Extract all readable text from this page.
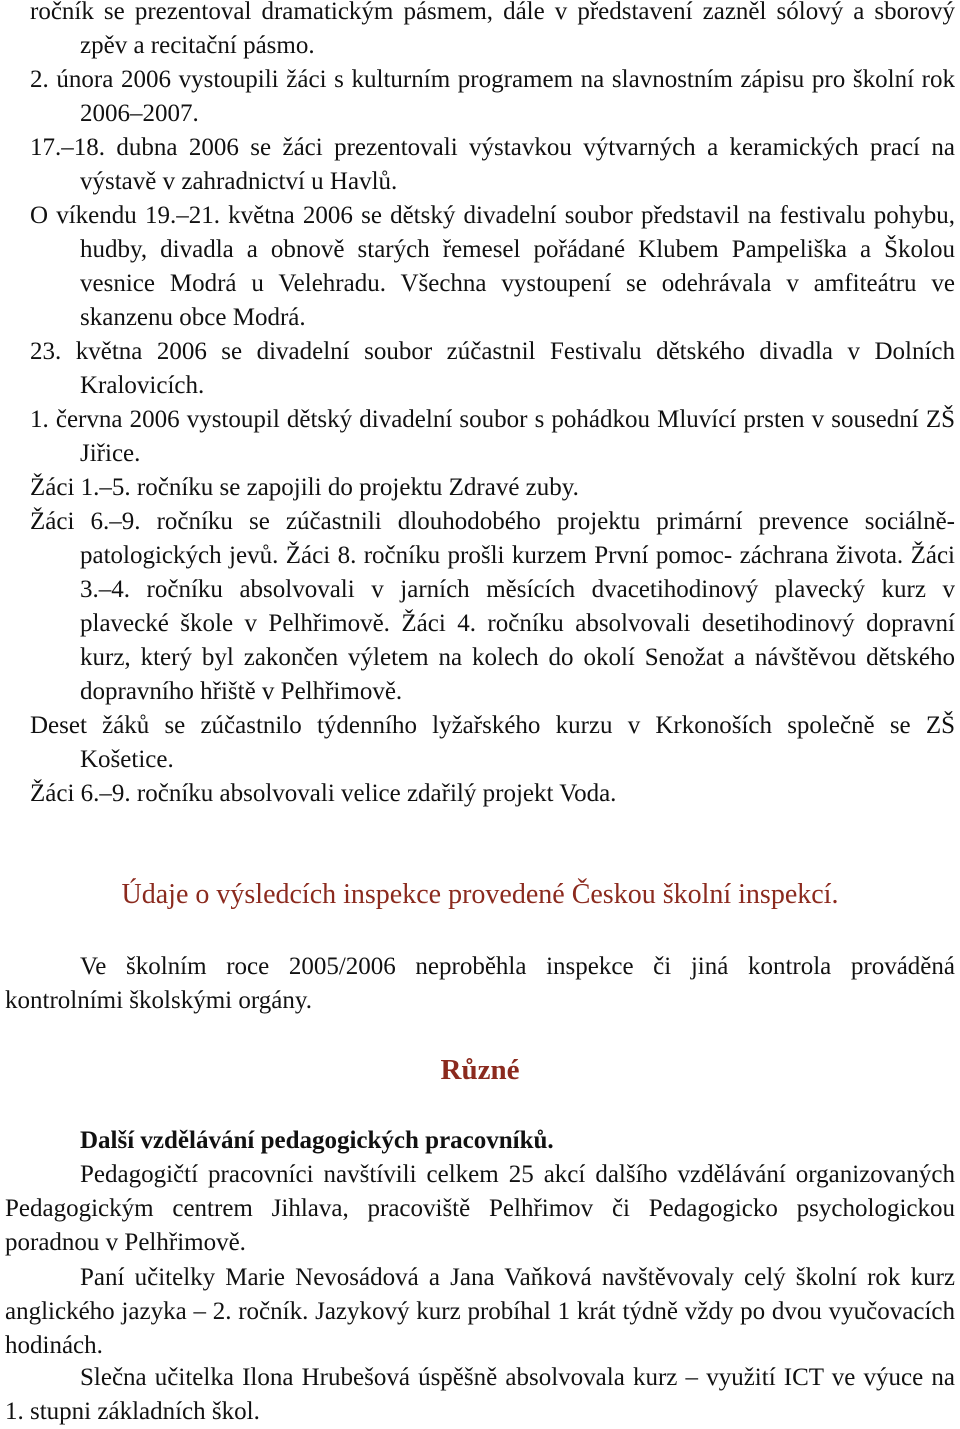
ročník se prezentoval dramatickým pásmem, dále v představení zazněl sólový a sborový zpěv a recitační pásmo.

2. února 2006 vystoupili žáci s kulturním programem na slavnostním zápisu pro školní rok 2006–2007.

17.–18. dubna 2006 se žáci prezentovali výstavkou výtvarných a keramických prací na výstavě v zahradnictví u Havlů.

O víkendu 19.–21. května 2006 se dětský divadelní soubor představil na festivalu pohybu, hudby, divadla a obnově starých řemesel pořádané Klubem Pampeliška a Školou vesnice Modrá u Velehradu. Všechna vystoupení se odehrávala v amfiteátru ve skanzenu obce Modrá.

23. května 2006 se divadelní soubor zúčastnil Festivalu dětského divadla v Dolních Kralovicích.

1. června 2006 vystoupil dětský divadelní soubor s pohádkou Mluvící prsten v sousední ZŠ Jiřice.

Žáci 1.–5. ročníku se zapojili do projektu Zdravé zuby.

Žáci 6.–9. ročníku se zúčastnili dlouhodobého projektu primární prevence sociálně-patologických jevů. Žáci 8. ročníku prošli kurzem První pomoc- záchrana života. Žáci 3.–4. ročníku absolvovali v jarních měsících dvacetihodinový plavecký kurz v plavecké škole v Pelhřimově. Žáci 4. ročníku absolvovali desetihodinový dopravní kurz, který byl zakončen výletem na kolech do okolí Senožat a návštěvou dětského dopravního hřiště v Pelhřimově.

Deset žáků se zúčastnilo týdenního lyžařského kurzu v Krkonoších společně se ZŠ Košetice.

Žáci 6.–9. ročníku absolvovali velice zdařilý projekt Voda.

Údaje o výsledcích inspekce provedené Českou školní inspekcí.

Ve školním roce 2005/2006 neproběhla inspekce či jiná kontrola prováděná kontrolními školskými orgány.

Různé

Další vzdělávání pedagogických pracovníků.

Pedagogičtí pracovníci navštívili celkem 25 akcí dalšího vzdělávání organizovaných Pedagogickým centrem Jihlava, pracoviště Pelhřimov či Pedagogicko psychologickou poradnou v Pelhřimově.

Paní učitelky Marie Nevosádová a Jana Vaňková navštěvovaly celý školní rok kurz anglického jazyka – 2. ročník. Jazykový kurz probíhal 1 krát týdně vždy po dvou vyučovacích hodinách.

Slečna učitelka Ilona Hrubešová úspěšně absolvovala kurz – využití ICT ve výuce na 1. stupni základních škol.
